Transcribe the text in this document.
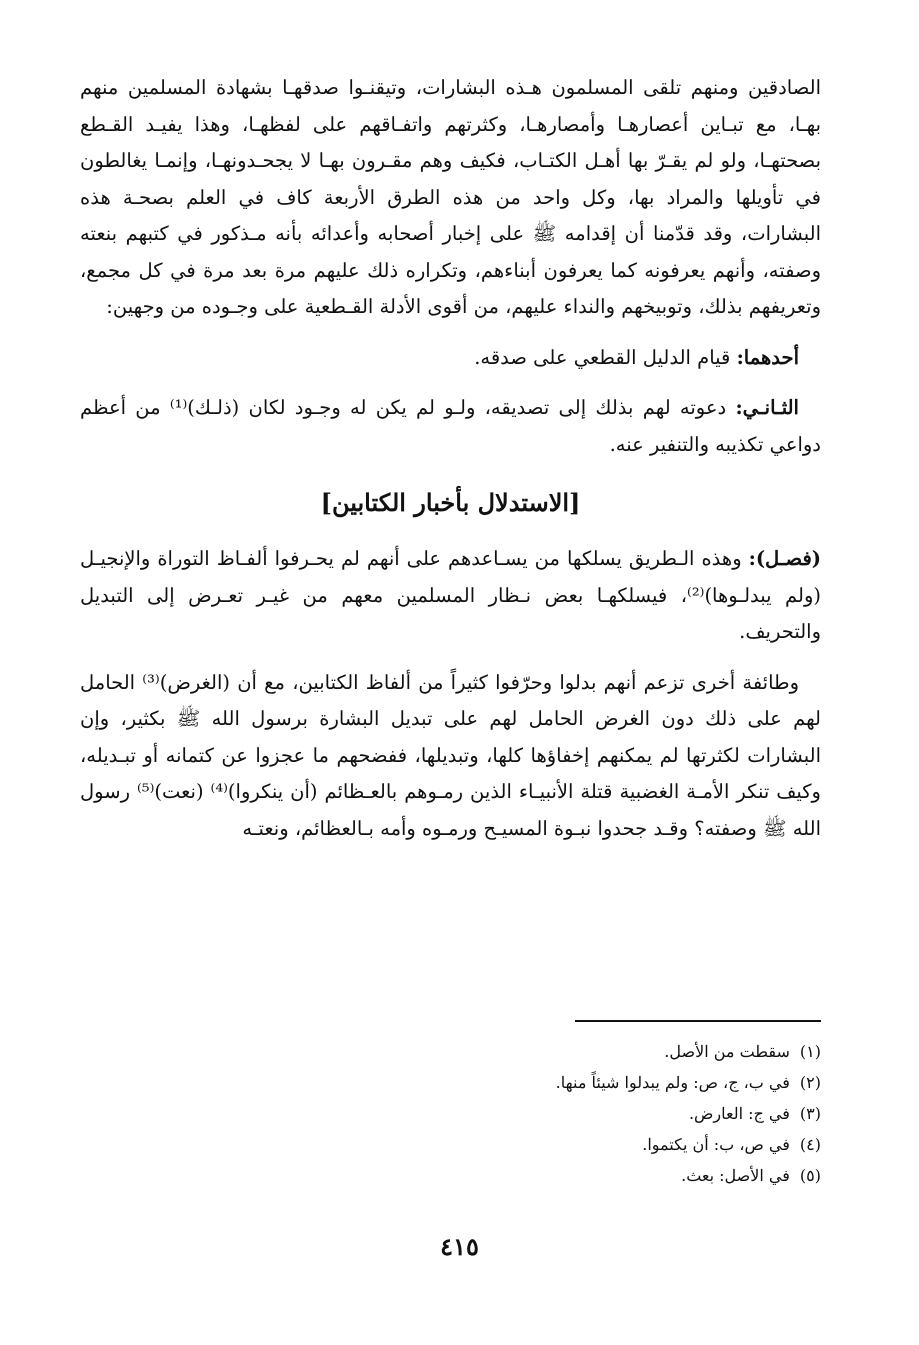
الصادقين ومنهم تلقى المسلمون هـذه البشارات، وتيقنـوا صدقهـا بشهادة المسلمين منهم بهـا، مع تبـاين أعصارهـا وأمصارهـا، وكثرتهم واتفـاقهم على لفظهـا، وهذا يفيـد القـطع بصحتهـا، ولو لم يقـرّ بها أهـل الكتـاب، فكيف وهم مقـرون بهـا لا يجحـدونهـا، وإنمـا يغالطون في تأويلها والمراد بها، وكل واحد من هذه الطرق الأربعة كاف في العلم بصحـة هذه البشارات، وقد قدّمنا أن إقدامه ﷺ على إخبار أصحابه وأعدائه بأنه مـذكور في كتبهم بنعته وصفته، وأنهم يعرفونه كما يعرفون أبناءهم، وتكراره ذلك عليهم مرة بعد مرة في كل مجمع، وتعريفهم بذلك، وتوبيخهم والنداء عليهم، من أقوى الأدلة القـطعية على وجـوده من وجهين:

أحدهما: قيام الدليل القطعي على صدقه.

الثـانـي: دعوته لهم بذلك إلى تصديقه، ولـو لم يكن له وجـود لكان (ذلـك)⁽¹⁾ من أعظم دواعي تكذيبه والتنفير عنه.

[الاستدلال بأخبار الكتابين]

(فصـل): وهذه الـطريق يسلكها من يسـاعدهم على أنهم لم يحـرفوا ألفـاظ التوراة والإنجيـل (ولم يبدلـوها)⁽²⁾، فيسلكهـا بعض نـظار المسلمين معهم من غيـر تعـرض إلى التبديل والتحريف.

وطائفة أخرى تزعم أنهم بدلوا وحرّفوا كثيراً من ألفاظ الكتابين، مع أن (الغرض)⁽³⁾ الحامل لهم على ذلك دون الغرض الحامل لهم على تبديل البشارة برسول الله ﷺ بكثير، وإن البشارات لكثرتها لم يمكنهم إخفاؤها كلها، وتبديلها، ففضحهم ما عجزوا عن كتمانه أو تبـديله، وكيف تنكر الأمـة الغضبية قتلة الأنبيـاء الذين رمـوهم بالعـظائم (أن ينكروا)⁽⁴⁾ (نعت)⁽⁵⁾ رسول الله ﷺ وصفته؟ وقـد جحدوا نبـوة المسيـح ورمـوه وأمه بـالعظائم، ونعتـه

(١)سقطت من الأصل.
(٢)في ب، ج، ص: ولم يبدلوا شيئاً منها.
(٣)في ج: العارض.
(٤)في ص، ب: أن يكتموا.
(٥)في الأصل: بعث.
٤١٥
